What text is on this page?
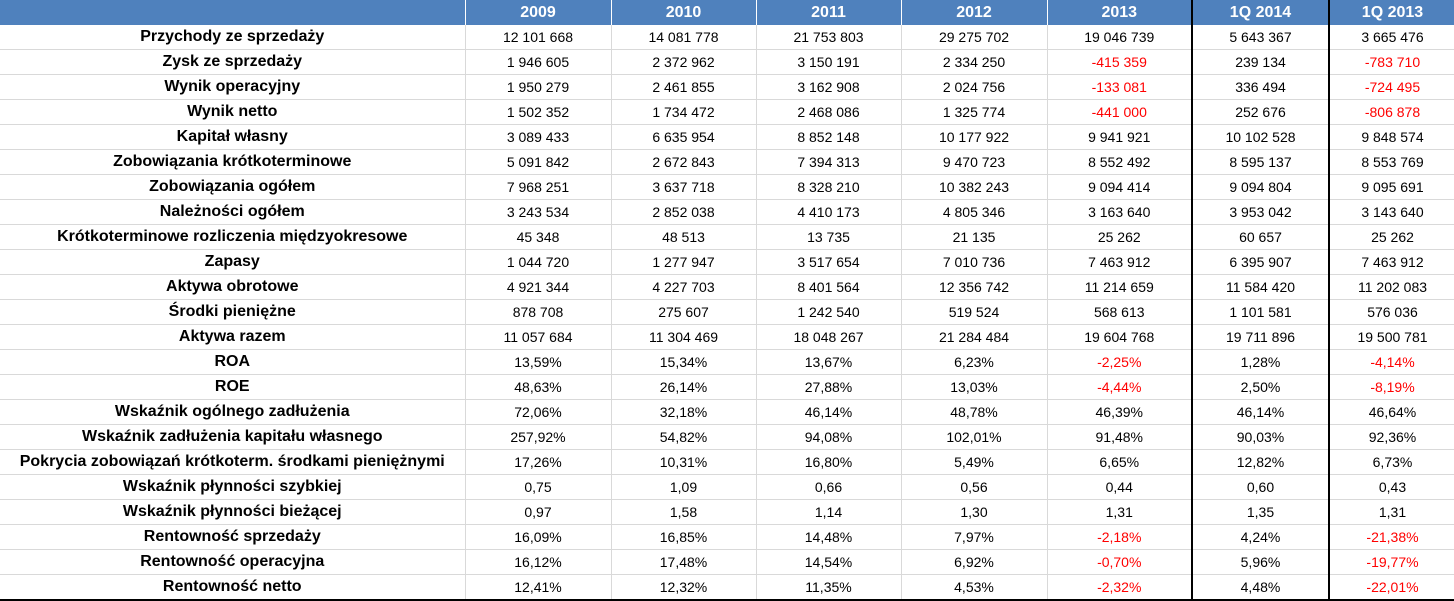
	2009	2010	2011	2012	2013	1Q 2014	1Q 2013
Przychody ze sprzedaży	12 101 668	14 081 778	21 753 803	29 275 702	19 046 739	5 643 367	3 665 476
Zysk ze sprzedaży	1 946 605	2 372 962	3 150 191	2 334 250	-415 359	239 134	-783 710
Wynik operacyjny	1 950 279	2 461 855	3 162 908	2 024 756	-133 081	336 494	-724 495
Wynik netto	1 502 352	1 734 472	2 468 086	1 325 774	-441 000	252 676	-806 878
Kapitał własny	3 089 433	6 635 954	8 852 148	10 177 922	9 941 921	10 102 528	9 848 574
Zobowiązania krótkoterminowe	5 091 842	2 672 843	7 394 313	9 470 723	8 552 492	8 595 137	8 553 769
Zobowiązania ogółem	7 968 251	3 637 718	8 328 210	10 382 243	9 094 414	9 094 804	9 095 691
Należności ogółem	3 243 534	2 852 038	4 410 173	4 805 346	3 163 640	3 953 042	3 143 640
Krótkoterminowe rozliczenia międzyokresowe	45 348	48 513	13 735	21 135	25 262	60 657	25 262
Zapasy	1 044 720	1 277 947	3 517 654	7 010 736	7 463 912	6 395 907	7 463 912
Aktywa obrotowe	4 921 344	4 227 703	8 401 564	12 356 742	11 214 659	11 584 420	11 202 083
Środki pieniężne	878 708	275 607	1 242 540	519 524	568 613	1 101 581	576 036
Aktywa razem	11 057 684	11 304 469	18 048 267	21 284 484	19 604 768	19 711 896	19 500 781
ROA	13,59%	15,34%	13,67%	6,23%	-2,25%	1,28%	-4,14%
ROE	48,63%	26,14%	27,88%	13,03%	-4,44%	2,50%	-8,19%
Wskaźnik ogólnego zadłużenia	72,06%	32,18%	46,14%	48,78%	46,39%	46,14%	46,64%
Wskaźnik zadłużenia kapitału własnego	257,92%	54,82%	94,08%	102,01%	91,48%	90,03%	92,36%
Pokrycia zobowiązań krótkoterm. środkami pieniężnymi	17,26%	10,31%	16,80%	5,49%	6,65%	12,82%	6,73%
Wskaźnik płynności szybkiej	0,75	1,09	0,66	0,56	0,44	0,60	0,43
Wskaźnik płynności bieżącej	0,97	1,58	1,14	1,30	1,31	1,35	1,31
Rentowność sprzedaży	16,09%	16,85%	14,48%	7,97%	-2,18%	4,24%	-21,38%
Rentowność operacyjna	16,12%	17,48%	14,54%	6,92%	-0,70%	5,96%	-19,77%
Rentowność netto	12,41%	12,32%	11,35%	4,53%	-2,32%	4,48%	-22,01%
